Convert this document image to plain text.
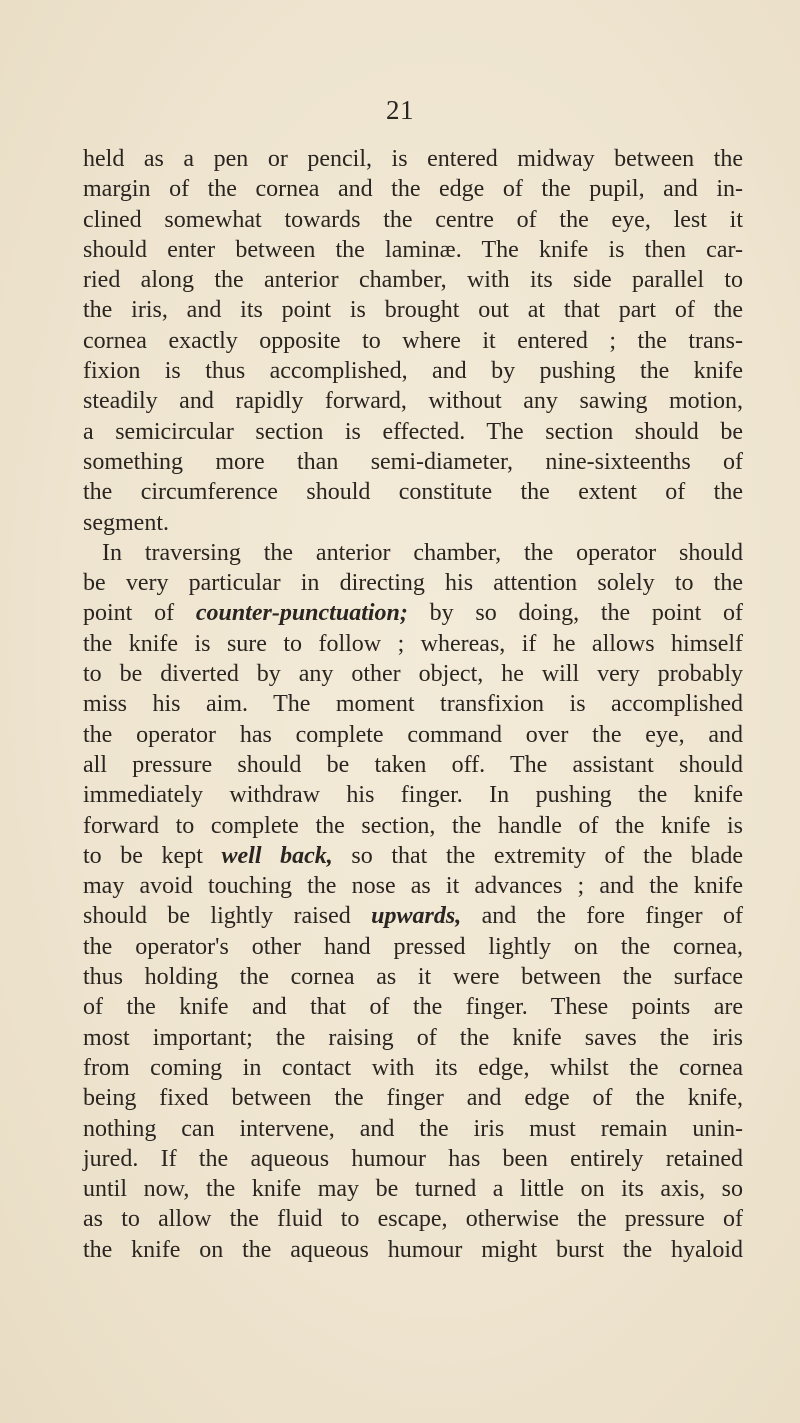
21
held as a pen or pencil, is entered midway between the
margin of the cornea and the edge of the pupil, and in-
clined somewhat towards the centre of the eye, lest it
should enter between the laminæ. The knife is then car-
ried along the anterior chamber, with its side parallel to
the iris, and its point is brought out at that part of the
cornea exactly opposite to where it entered ; the trans-
fixion is thus accomplished, and by pushing the knife
steadily and rapidly forward, without any sawing motion,
a semicircular section is effected. The section should be
something more than semi-diameter, nine-sixteenths of
the circumference should constitute the extent of the
segment.
In traversing the anterior chamber, the operator should
be very particular in directing his attention solely to the
point of counter-punctuation; by so doing, the point of
the knife is sure to follow ; whereas, if he allows himself
to be diverted by any other object, he will very probably
miss his aim. The moment transfixion is accomplished
the operator has complete command over the eye, and
all pressure should be taken off. The assistant should
immediately withdraw his finger. In pushing the knife
forward to complete the section, the handle of the knife is
to be kept well back, so that the extremity of the blade
may avoid touching the nose as it advances ; and the knife
should be lightly raised upwards, and the fore finger of
the operator's other hand pressed lightly on the cornea,
thus holding the cornea as it were between the surface
of the knife and that of the finger. These points are
most important; the raising of the knife saves the iris
from coming in contact with its edge, whilst the cornea
being fixed between the finger and edge of the knife,
nothing can intervene, and the iris must remain unin-
jured. If the aqueous humour has been entirely retained
until now, the knife may be turned a little on its axis, so
as to allow the fluid to escape, otherwise the pressure of
the knife on the aqueous humour might burst the hyaloid
